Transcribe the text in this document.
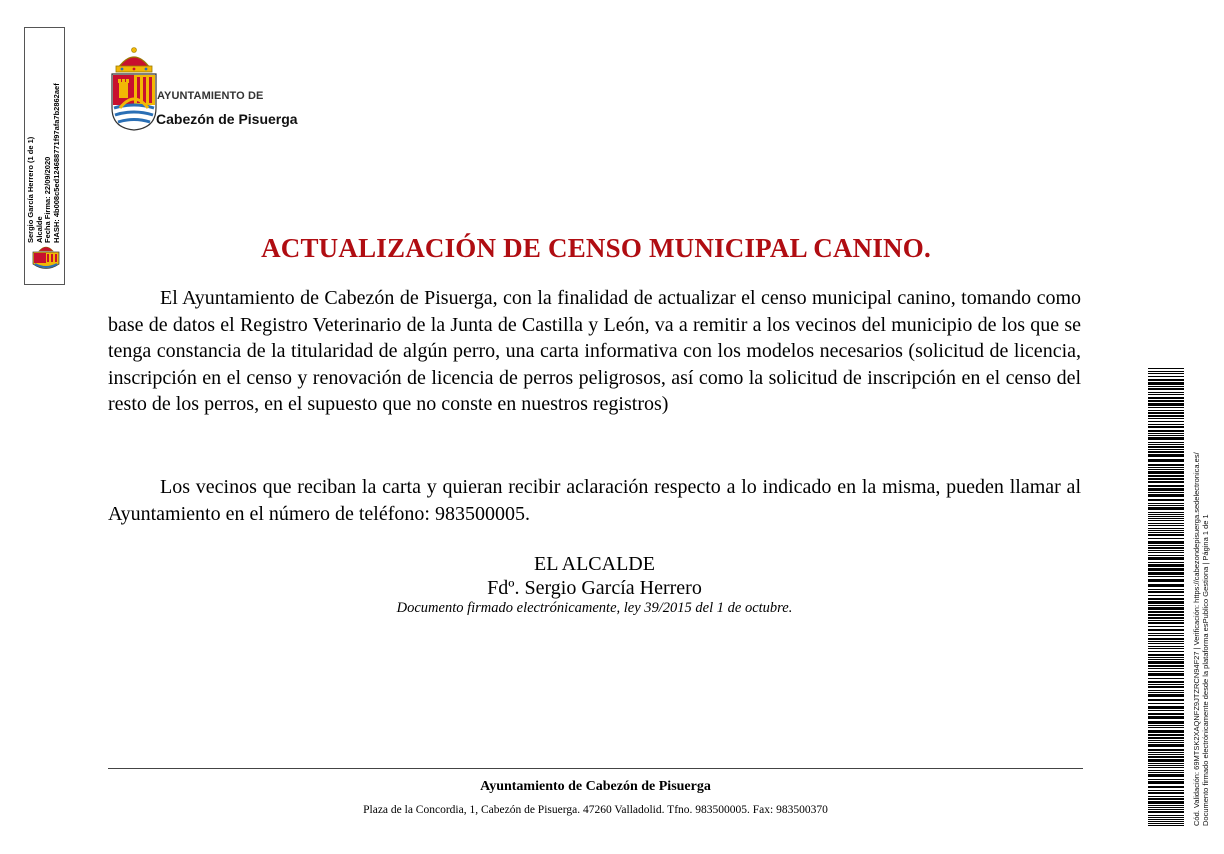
Sergio García Herrero (1 de 1) Alcalde Fecha Firma: 22/09/2020 HASH: 4b008c5ed124688771f97afa7b2862aef	AYUNTAMIENTO DE
Cabezón de Pisuerga
ACTUALIZACIÓN DE CENSO MUNICIPAL CANINO.
El Ayuntamiento de Cabezón de Pisuerga, con la finalidad de actualizar el censo municipal canino, tomando como base de datos el Registro Veterinario de la Junta de Castilla y León, va a remitir a los vecinos del municipio de los que se tenga constancia de la titularidad de algún perro, una carta informativa con los modelos necesarios (solicitud de licencia, inscripción en el censo y renovación de licencia de perros peligrosos, así como la solicitud de inscripción en el censo del resto de los perros, en el supuesto que no conste en nuestros registros)
Los vecinos que reciban la carta y quieran recibir aclaración respecto a lo indicado en la misma, pueden llamar al Ayuntamiento en el número de teléfono: 983500005.
EL ALCALDE
Fdº. Sergio García Herrero
Documento firmado electrónicamente, ley 39/2015 del 1 de octubre.
Ayuntamiento de Cabezón de Pisuerga
Plaza de la Concordia, 1, Cabezón de Pisuerga. 47260 Valladolid. Tfno. 983500005. Fax: 983500370	Cód. Validación: 69MTSK2XAQNFZ9JTZRCN94F27 | Verificación: https://cabezondepisuerga.sedelectronica.es/ Documento firmado electrónicamente desde la plataforma esPublico Gestiona | Página 1 de 1
